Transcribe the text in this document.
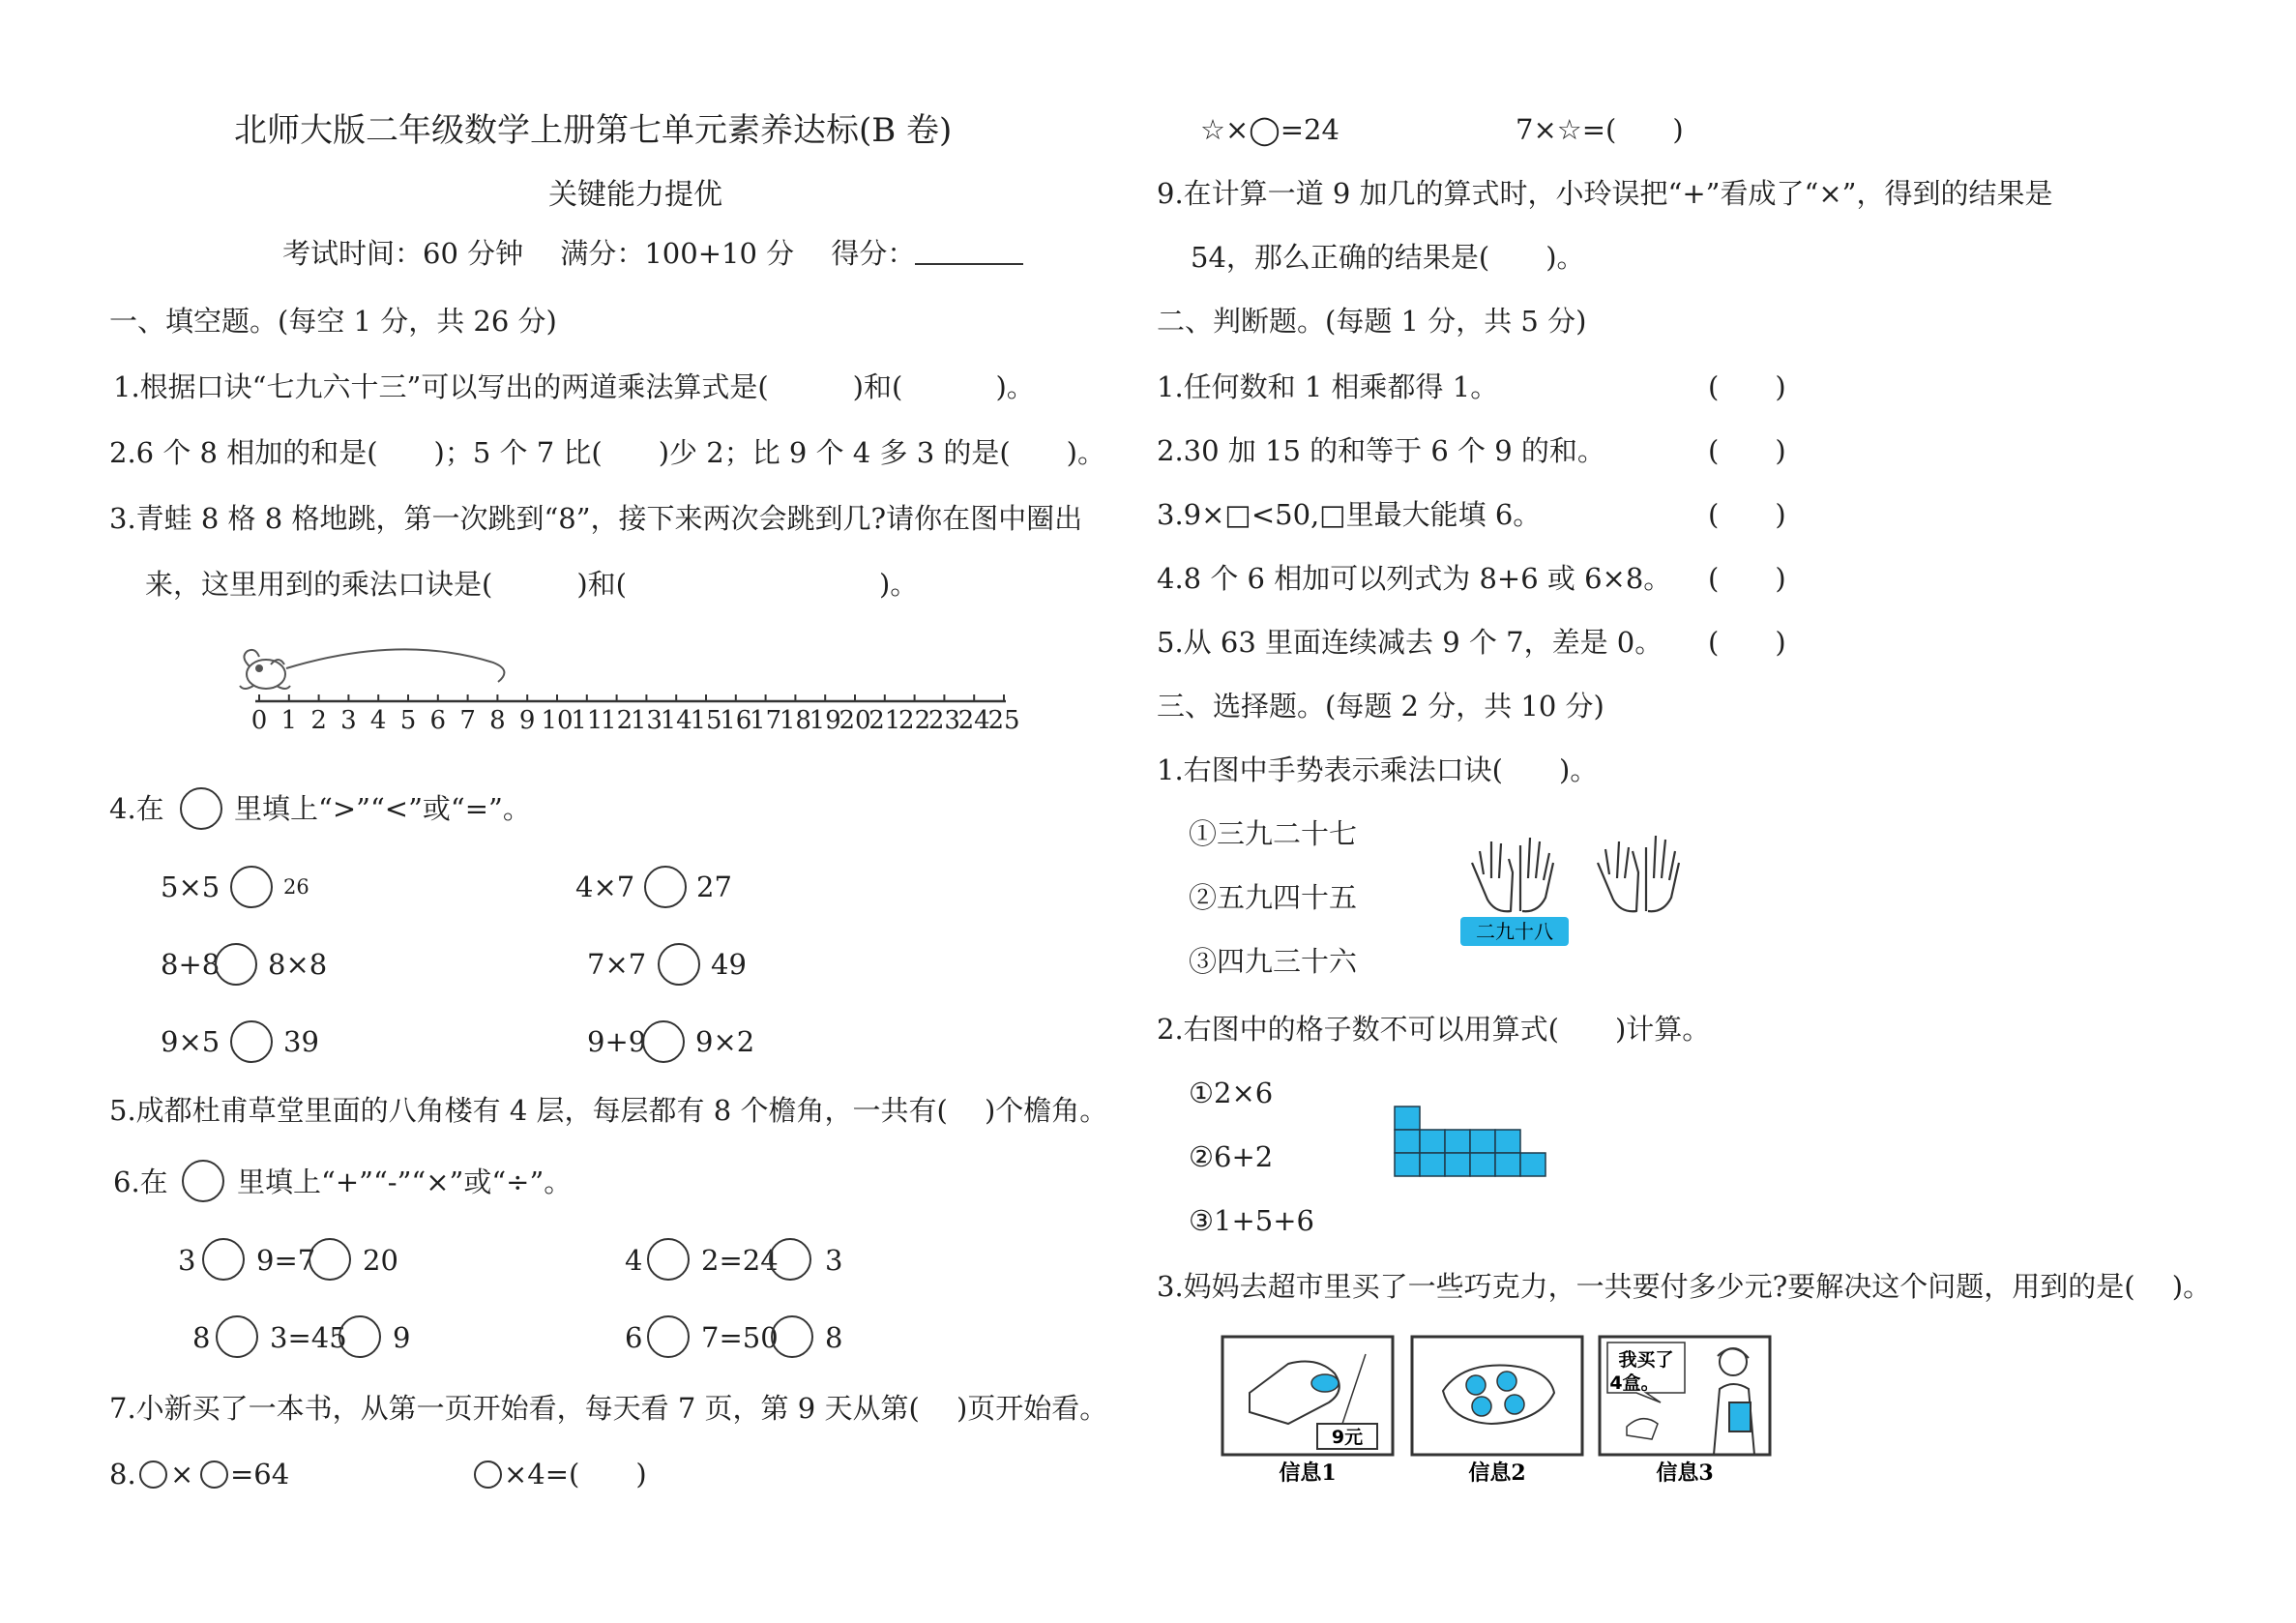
北师大版二年级数学上册第七单元素养达标(B 卷)
关键能力提优
考试时间：60 分钟　 满分：100+10 分　 得分：
一、填空题。(每空 1 分，共 26 分)
1.根据口诀“七九六十三”可以写出的两道乘法算式是(　　　)和(　　　 )。
2.6 个 8 相加的和是(　　)；5 个 7 比(　　)少 2；比 9 个 4 多 3 的是(　　)。
3.青蛙 8 格 8 格地跳，第一次跳到“8”，接下来两次会跳到几?请你在图中圈出
来，这里用到的乘法口诀是(　　　)和(　　　　　　　　　)。
0 1 2 3 4 5 6 7 8 9 10
11
12
13
14
15
16
17
18
19
20
21
22
23
24
25
4.在 里填上“>”“<”或“=”。
5×5	26	4×7 27
8+8 8×8	7×7 49
9×5 39	9+9 9×2
5.成都杜甫草堂里面的八角楼有 4 层，每层都有 8 个檐角，一共有(　 )个檐角。
6.在 里填上“+”“-”“×”或“÷”。
3 9=7 20	4 2=24 3
8 3=45 9	6 7=50 8
7.小新买了一本书，从第一页开始看，每天看 7 页，第 9 天从第(　 )页开始看。
8. × =64	×4=(　　)
☆×◯=24	7×☆=(　　)
9.在计算一道 9 加几的算式时，小玲误把“+”看成了“×”，得到的结果是
54，那么正确的结果是(　　)。
二、判断题。(每题 1 分，共 5 分)
1.任何数和 1 相乘都得 1。	(　　)
2.30 加 15 的和等于 6 个 9 的和。	(　　)
3.9×□<50,□里最大能填 6。	(　　)
4.8 个 6 相加可以列式为 8+6 或 6×8。 (　　)
5.从 63 里面连续减去 9 个 7，差是 0。 (　　)
三、选择题。(每题 2 分，共 10 分)
1.右图中手势表示乘法口诀(　　)。
①三九二十七
②五九四十五
③四九三十六
二九十八
2.右图中的格子数不可以用算式(　　)计算。
①2×6
②6+2
③1+5+6
3.妈妈去超市里买了一些巧克力，一共要付多少元?要解决这个问题，用到的是(　 )。
9元
信息1	信息2
我买了
4盒。
信息3
